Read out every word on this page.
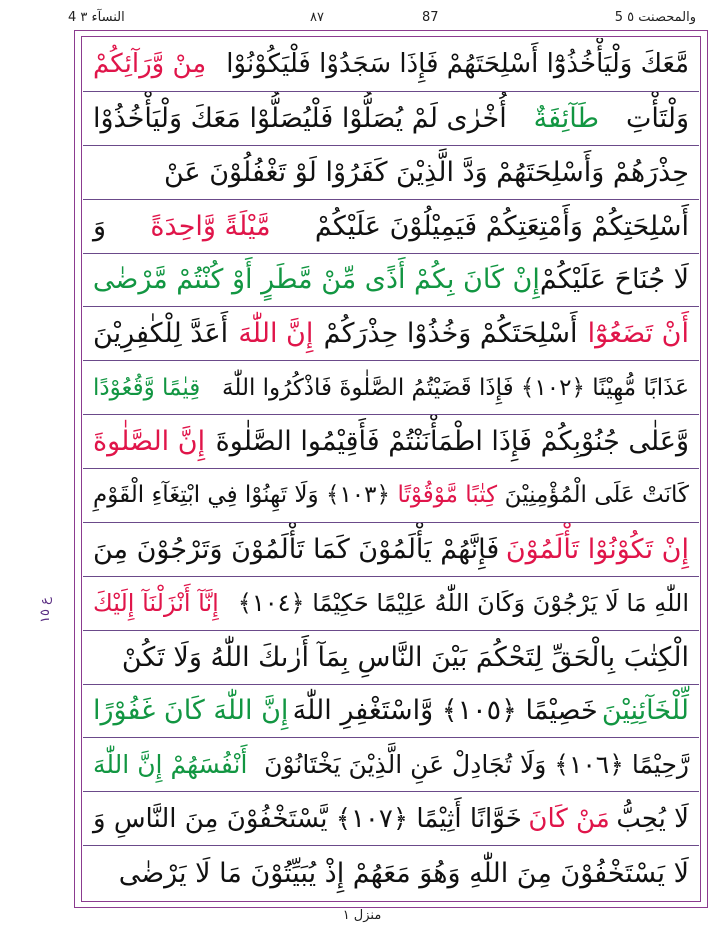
4 النسآء ٣	٨٧	87	5 والمحصنت ٥
مَّعَكَ وَلْيَأْخُذُوْٓا أَسْلِحَتَهُمْ فَإِذَا سَجَدُوْا فَلْيَكُوْنُوْا
مِنْ وَّرَآئِكُمْ
وَلْتَأْتِ
طَآئِفَةٌ
أُخْرٰى لَمْ يُصَلُّوْا فَلْيُصَلُّوْا مَعَكَ وَلْيَأْخُذُوْا
حِذْرَهُمْ وَأَسْلِحَتَهُمْ وَدَّ الَّذِيْنَ كَفَرُوْا لَوْ تَغْفُلُوْنَ عَنْ
أَسْلِحَتِكُمْ وَأَمْتِعَتِكُمْ فَيَمِيْلُوْنَ عَلَيْكُمْ
مَّيْلَةً وَّاحِدَةً
وَ
لَا جُنَاحَ عَلَيْكُمْ
إِنْ كَانَ بِكُمْ أَذًى مِّنْ مَّطَرٍ أَوْ كُنْتُمْ مَّرْضٰى
أَنْ تَضَعُوْٓا
أَسْلِحَتَكُمْ وَخُذُوْا حِذْرَكُمْ
إِنَّ اللّٰهَ
أَعَدَّ لِلْكٰفِرِيْنَ
عَذَابًا مُّهِيْنًا ﴿١٠٢﴾ فَإِذَا قَضَيْتُمُ الصَّلٰوةَ فَاذْكُرُوا اللّٰهَ
قِيٰمًا وَّقُعُوْدًا
وَّعَلٰى جُنُوْبِكُمْ فَإِذَا اطْمَأْنَنْتُمْ فَأَقِيْمُوا الصَّلٰوةَ
إِنَّ الصَّلٰوةَ
كَانَتْ عَلَى الْمُؤْمِنِيْنَ
كِتٰبًا مَّوْقُوْتًا
﴿١٠٣﴾ وَلَا تَهِنُوْا فِي ابْتِغَآءِ الْقَوْمِ
إِنْ تَكُوْنُوْا تَأْلَمُوْنَ
فَإِنَّهُمْ يَأْلَمُوْنَ كَمَا تَأْلَمُوْنَ وَتَرْجُوْنَ مِنَ
اللّٰهِ مَا لَا يَرْجُوْنَ وَكَانَ اللّٰهُ عَلِيْمًا حَكِيْمًا ﴿١٠٤﴾
إِنَّآ أَنْزَلْنَآ إِلَيْكَ
الْكِتٰبَ بِالْحَقِّ لِتَحْكُمَ بَيْنَ النَّاسِ بِمَآ أَرٰىكَ اللّٰهُ وَلَا تَكُنْ
لِّلْخَآئِنِيْنَ
خَصِيْمًا ﴿١٠٥﴾ وَّاسْتَغْفِرِ اللّٰهَ
إِنَّ اللّٰهَ كَانَ غَفُوْرًا
رَّحِيْمًا ﴿١٠٦﴾ وَلَا تُجَادِلْ عَنِ الَّذِيْنَ يَخْتَانُوْنَ
أَنْفُسَهُمْ إِنَّ اللّٰهَ
لَا يُحِبُّ
مَنْ كَانَ
خَوَّانًا أَثِيْمًا ﴿١٠٧﴾ يَّسْتَخْفُوْنَ مِنَ النَّاسِ وَ
لَا يَسْتَخْفُوْنَ مِنَ اللّٰهِ وَهُوَ مَعَهُمْ إِذْ يُبَيِّتُوْنَ مَا لَا يَرْضٰى
ع ١٥
منزل ١
